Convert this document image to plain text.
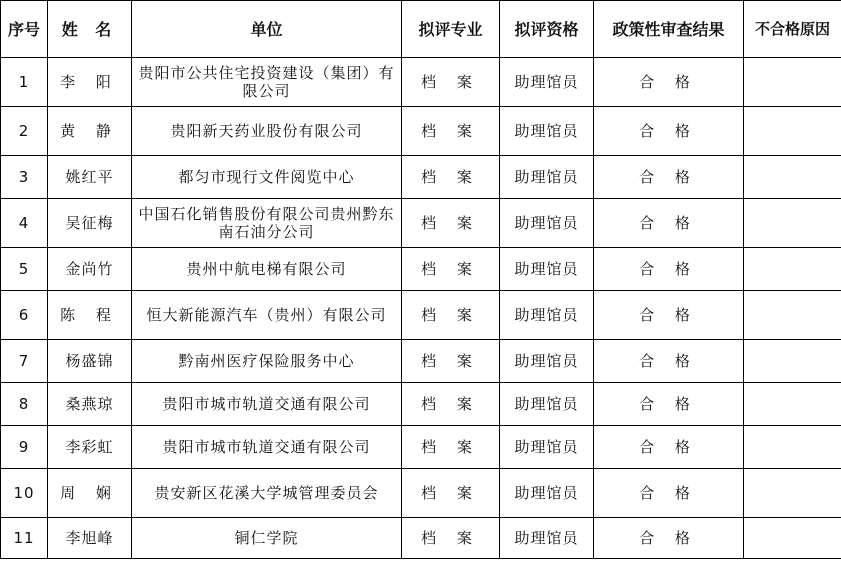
序号	姓 名	单位	拟评专业	拟评资格	政策性审查结果	不合格原因
1	李 阳	贵阳市公共住宅投资建设（集团）有限公司	档 案	助理馆员	合 格	
2	黄 静	贵阳新天药业股份有限公司	档 案	助理馆员	合 格	
3	姚红平	都匀市现行文件阅览中心	档 案	助理馆员	合 格	
4	吴征梅	中国石化销售股份有限公司贵州黔东南石油分公司	档 案	助理馆员	合 格	
5	金尚竹	贵州中航电梯有限公司	档 案	助理馆员	合 格	
6	陈 程	恒大新能源汽车（贵州）有限公司	档 案	助理馆员	合 格	
7	杨盛锦	黔南州医疗保险服务中心	档 案	助理馆员	合 格	
8	桑燕琼	贵阳市城市轨道交通有限公司	档 案	助理馆员	合 格	
9	李彩虹	贵阳市城市轨道交通有限公司	档 案	助理馆员	合 格	
10	周 娴	贵安新区花溪大学城管理委员会	档 案	助理馆员	合 格	
11	李旭峰	铜仁学院	档 案	助理馆员	合 格	
